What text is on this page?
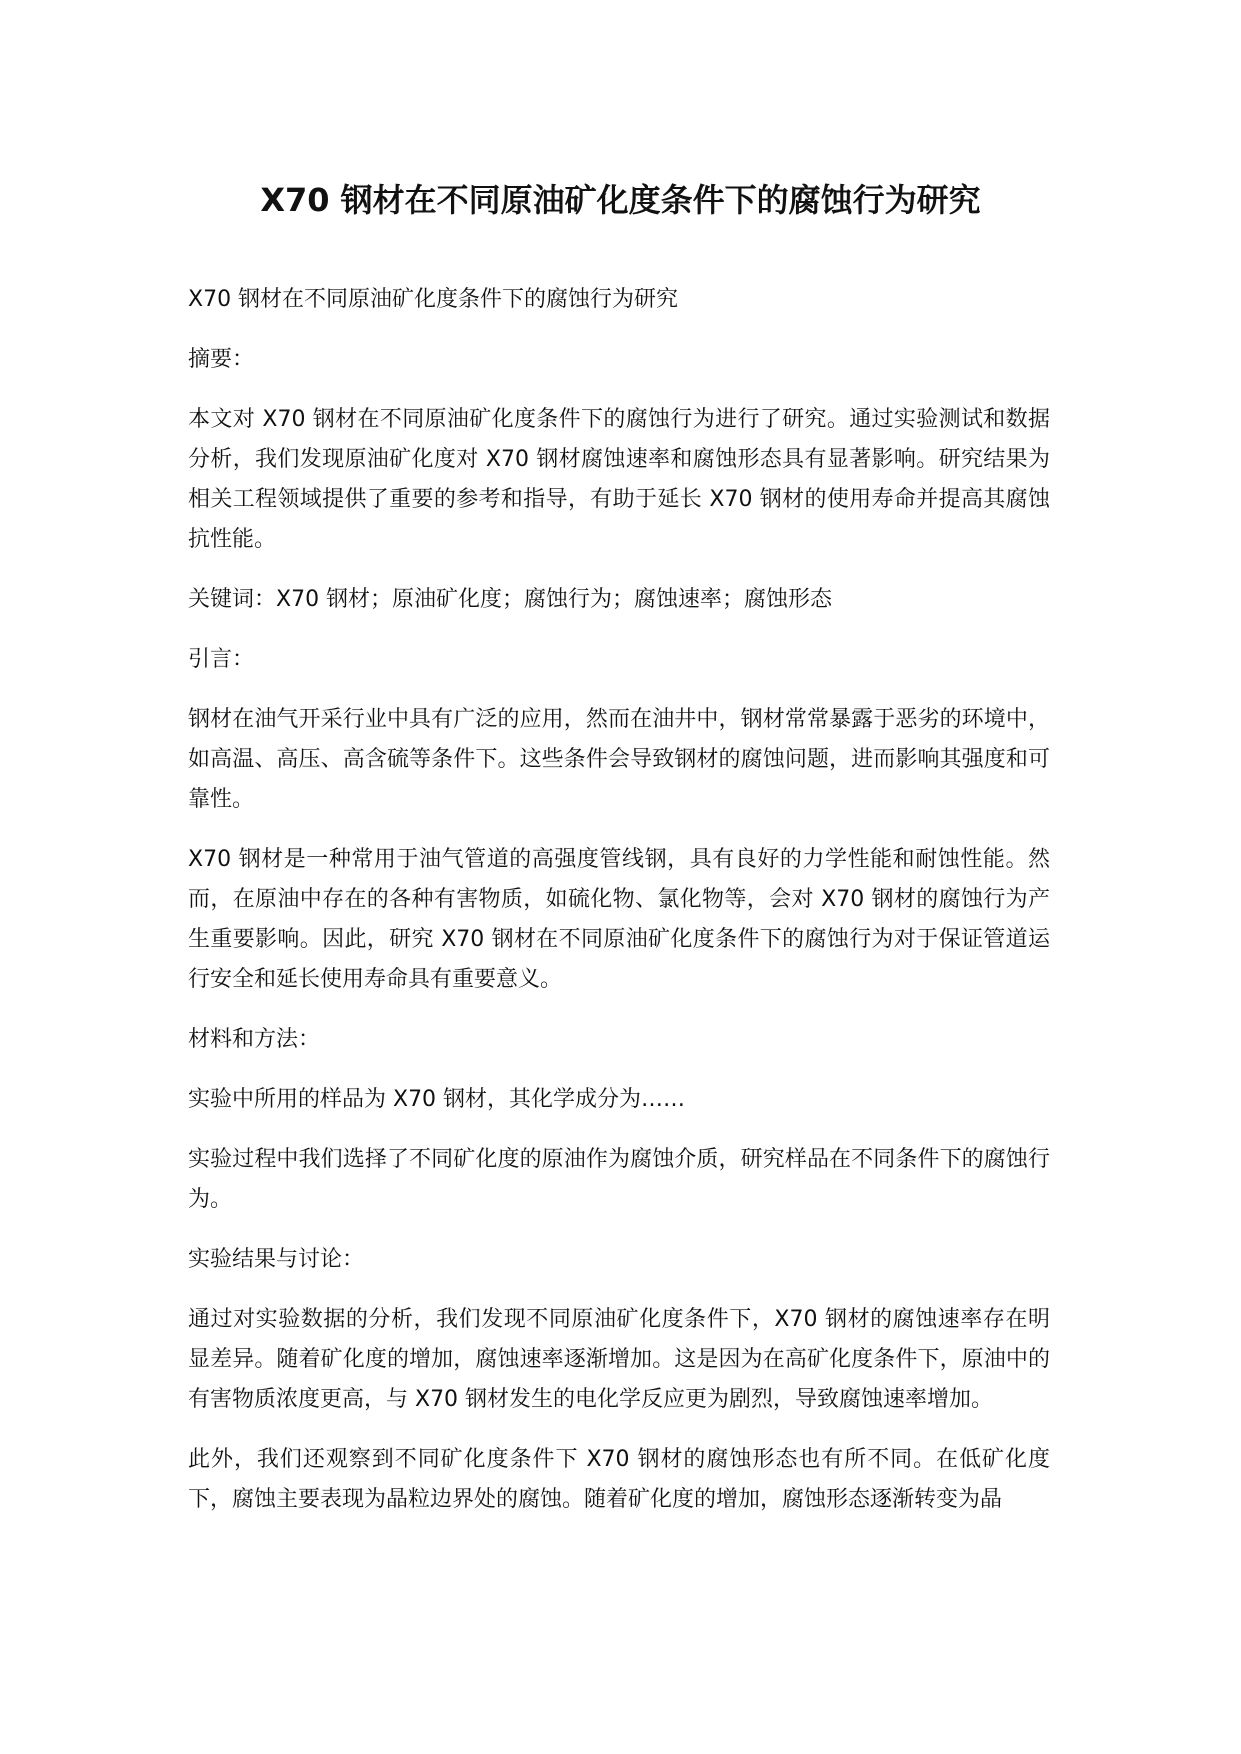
X70 钢材在不同原油矿化度条件下的腐蚀行为研究

X70 钢材在不同原油矿化度条件下的腐蚀行为研究

摘要：

本文对 X70 钢材在不同原油矿化度条件下的腐蚀行为进行了研究。通过实验测试和数据分析，我们发现原油矿化度对 X70 钢材腐蚀速率和腐蚀形态具有显著影响。研究结果为相关工程领域提供了重要的参考和指导，有助于延长 X70 钢材的使用寿命并提高其腐蚀抗性能。

关键词：X70 钢材；原油矿化度；腐蚀行为；腐蚀速率；腐蚀形态

引言：

钢材在油气开采行业中具有广泛的应用，然而在油井中，钢材常常暴露于恶劣的环境中，如高温、高压、高含硫等条件下。这些条件会导致钢材的腐蚀问题，进而影响其强度和可靠性。

X70 钢材是一种常用于油气管道的高强度管线钢，具有良好的力学性能和耐蚀性能。然而，在原油中存在的各种有害物质，如硫化物、氯化物等，会对 X70 钢材的腐蚀行为产生重要影响。因此，研究 X70 钢材在不同原油矿化度条件下的腐蚀行为对于保证管道运行安全和延长使用寿命具有重要意义。

材料和方法：

实验中所用的样品为 X70 钢材，其化学成分为……

实验过程中我们选择了不同矿化度的原油作为腐蚀介质，研究样品在不同条件下的腐蚀行为。

实验结果与讨论：

通过对实验数据的分析，我们发现不同原油矿化度条件下，X70 钢材的腐蚀速率存在明显差异。随着矿化度的增加，腐蚀速率逐渐增加。这是因为在高矿化度条件下，原油中的有害物质浓度更高，与 X70 钢材发生的电化学反应更为剧烈，导致腐蚀速率增加。

此外，我们还观察到不同矿化度条件下 X70 钢材的腐蚀形态也有所不同。在低矿化度下，腐蚀主要表现为晶粒边界处的腐蚀。随着矿化度的增加，腐蚀形态逐渐转变为晶
